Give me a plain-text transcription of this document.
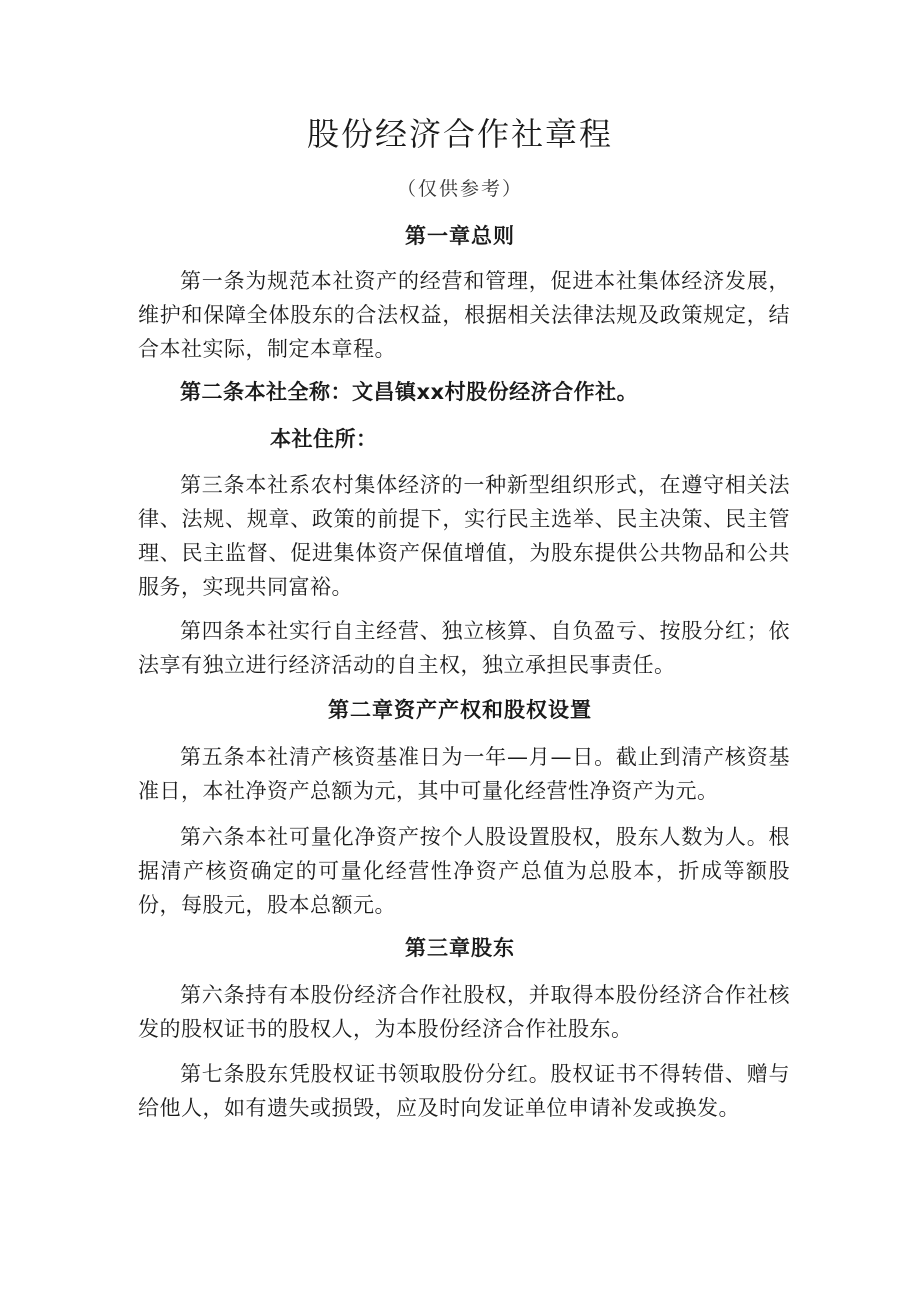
股份经济合作社章程
（仅供参考）
第一章总则
第一条为规范本社资产的经营和管理，促进本社集体经济发展，维护和保障全体股东的合法权益，根据相关法律法规及政策规定，结合本社实际，制定本章程。
第二条本社全称：文昌镇xx村股份经济合作社。
本社住所：
第三条本社系农村集体经济的一种新型组织形式，在遵守相关法律、法规、规章、政策的前提下，实行民主选举、民主决策、民主管理、民主监督、促进集体资产保值增值，为股东提供公共物品和公共服务，实现共同富裕。
第四条本社实行自主经营、独立核算、自负盈亏、按股分红；依法享有独立进行经济活动的自主权，独立承担民事责任。
第二章资产产权和股权设置
第五条本社清产核资基准日为一年—月—日。截止到清产核资基准日，本社净资产总额为元，其中可量化经营性净资产为元。
第六条本社可量化净资产按个人股设置股权，股东人数为人。根据清产核资确定的可量化经营性净资产总值为总股本，折成等额股份，每股元，股本总额元。
第三章股东
第六条持有本股份经济合作社股权，并取得本股份经济合作社核发的股权证书的股权人，为本股份经济合作社股东。
第七条股东凭股权证书领取股份分红。股权证书不得转借、赠与给他人，如有遗失或损毁，应及时向发证单位申请补发或换发。
